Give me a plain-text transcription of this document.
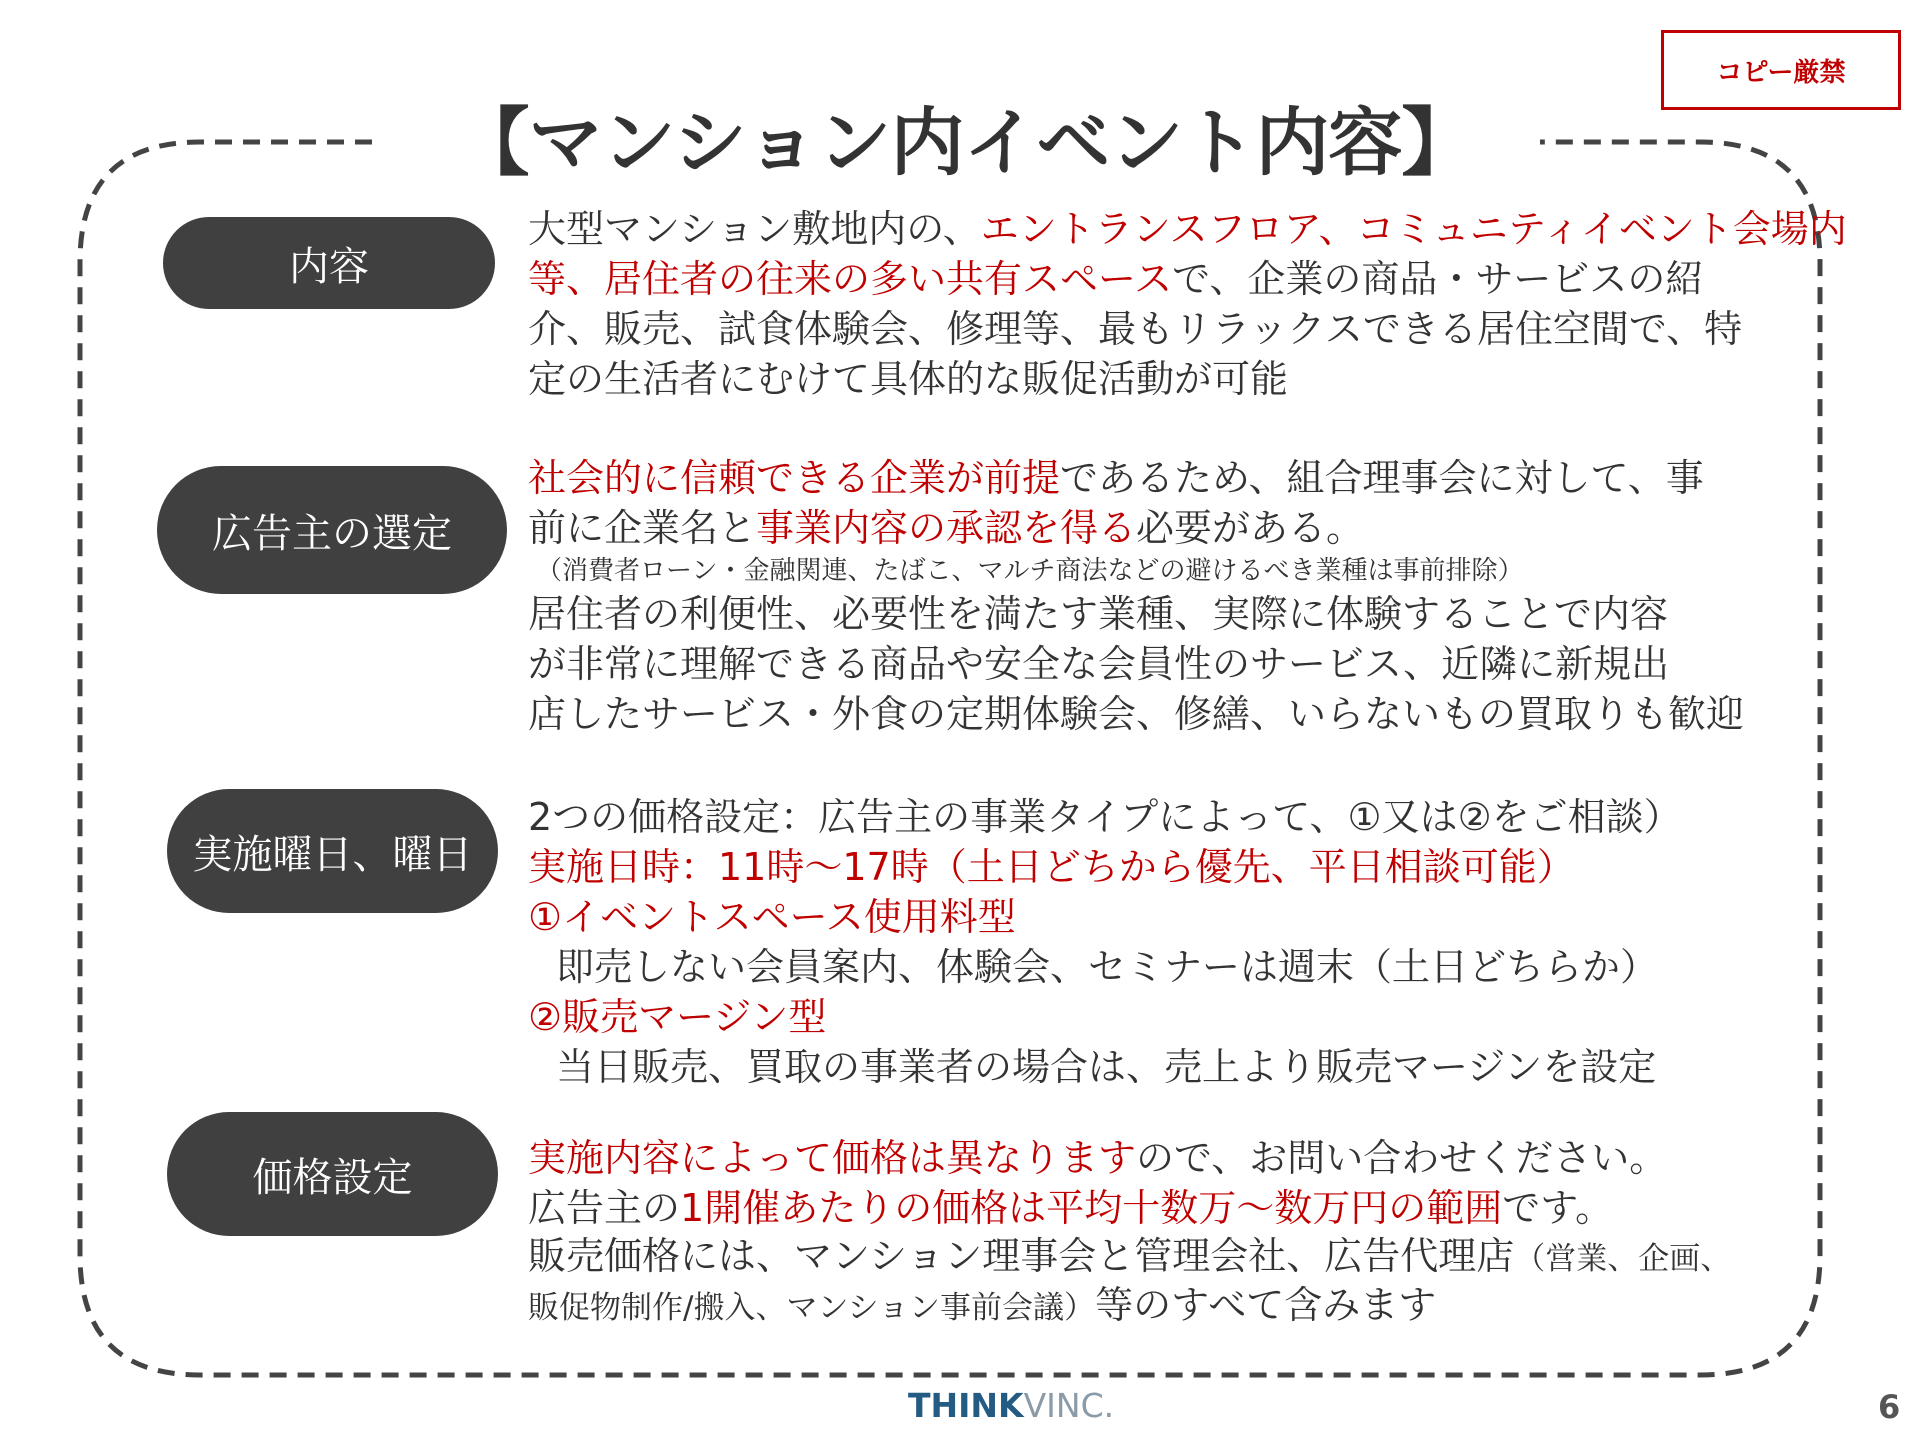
コピー厳禁
【マンション内イベント内容】
内容
大型マンション敷地内の、エントランスフロア、コミュニティイベント会場内
等、居住者の往来の多い共有スペースで、企業の商品・サービスの紹
介、販売、試食体験会、修理等、最もリラックスできる居住空間で、特
定の生活者にむけて具体的な販促活動が可能
広告主の選定
社会的に信頼できる企業が前提であるため、組合理事会に対して、事
前に企業名と事業内容の承認を得る必要がある。
（消費者ローン・金融関連、たばこ、マルチ商法などの避けるべき業種は事前排除）
居住者の利便性、必要性を満たす業種、実際に体験することで内容
が非常に理解できる商品や安全な会員性のサービス、近隣に新規出
店したサービス・外食の定期体験会、修繕、いらないもの買取りも歓迎
実施曜日、曜日
2つの価格設定：広告主の事業タイプによって、①又は②をご相談）
実施日時：11時～17時（土日どちから優先、平日相談可能）
①イベントスペース使用料型
即売しない会員案内、体験会、セミナーは週末（土日どちらか）
②販売マージン型
当日販売、買取の事業者の場合は、売上より販売マージンを設定
価格設定	実施内容によって価格は異なりますので、お問い合わせください。
広告主の1開催あたりの価格は平均十数万～数万円の範囲です。
販売価格には、マンション理事会と管理会社、広告代理店（営業、企画、
販促物制作/搬入、マンション事前会議）等のすべて含みます
THINKVINC.	6
